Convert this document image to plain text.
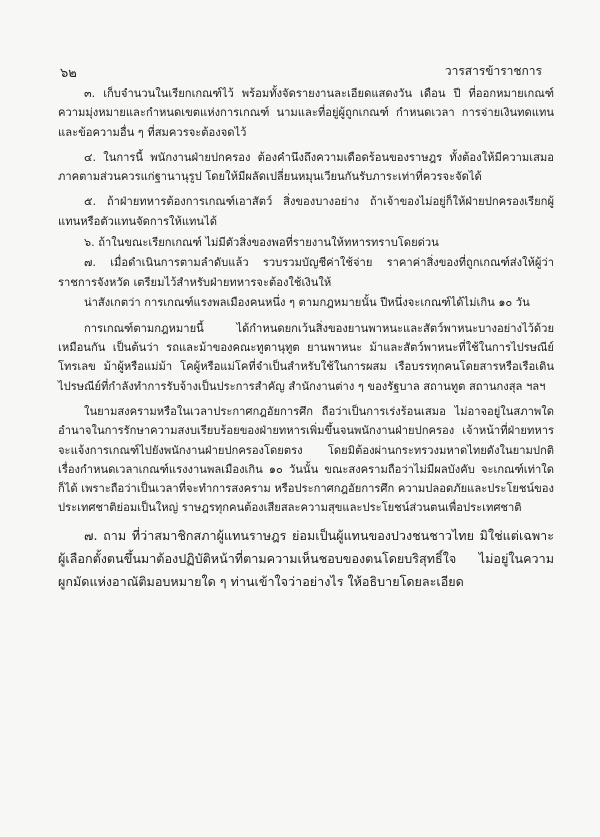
๖๒	วารสารข้าราชการ

๓. เก็บจำนวนในเรียกเกณฑ์ไว้ พร้อมทั้งจัดรายงานละเอียดแสดงวัน เดือน ปี ที่ออกหมายเกณฑ์ ความมุ่งหมายและกำหนดเขตแห่งการเกณฑ์ นามและที่อยู่ผู้ถูกเกณฑ์ กำหนดเวลา การจ่ายเงินทดแทนและข้อความอื่น ๆ ที่สมควรจะต้องจดไว้

๔. ในการนี้ พนักงานฝ่ายปกครอง ต้องคำนึงถึงความเดือดร้อนของราษฎร ทั้งต้องให้มีความเสมอภาคตามส่วนควรแก่ฐานานุรูป โดยให้มีผลัดเปลี่ยนหมุนเวียนกันรับภาระเท่าที่ควรจะจัดได้

๕. ถ้าฝ่ายทหารต้องการเกณฑ์เอาสัตว์ สิ่งของบางอย่าง ถ้าเจ้าของไม่อยู่ก็ให้ฝ่ายปกครองเรียกผู้แทนหรือตัวแทนจัดการให้แทนได้

๖. ถ้าในขณะเรียกเกณฑ์ ไม่มีตัวสิ่งของพอที่รายงานให้ทหารทราบโดยด่วน

๗. เมื่อดำเนินการตามลำดับแล้ว รวบรวมบัญชีค่าใช้จ่าย ราคาค่าสิ่งของที่ถูกเกณฑ์ส่งให้ผู้ว่าราชการจังหวัด เตรียมไว้สำหรับฝ่ายทหารจะต้องใช้เงินให้

น่าสังเกตว่า การเกณฑ์แรงพลเมืองคนหนึ่ง ๆ ตามกฎหมายนั้น ปีหนึ่งจะเกณฑ์ได้ไม่เกิน ๑๐ วัน

การเกณฑ์ตามกฎหมายนี้ ได้กำหนดยกเว้นสิ่งของยานพาหนะและสัตว์พาหนะบางอย่างไว้ด้วยเหมือนกัน เป็นต้นว่า รถและม้าของคณะทูตานุทูต ยานพาหนะ ม้าและสัตว์พาหนะที่ใช้ในการไปรษณีย์โทรเลข ม้าผู้หรือแม่ม้า โคผู้หรือแม่โคที่จำเป็นสำหรับใช้ในการผสม เรือบรรทุกคนโดยสารหรือเรือเดินไปรษณีย์ที่กำลังทำการรับจ้างเป็นประการสำคัญ สำนักงานต่าง ๆ ของรัฐบาล สถานทูต สถานกงสุล ฯลฯ

ในยามสงครามหรือในเวลาประกาศกฎอัยการศึก ถือว่าเป็นการเร่งร้อนเสมอ ไม่อาจอยู่ในสภาพใด อำนาจในการรักษาความสงบเรียบร้อยของฝ่ายทหารเพิ่มขึ้นจนพนักงานฝ่ายปกครอง เจ้าหน้าที่ฝ่ายทหารจะแจ้งการเกณฑ์ไปยังพนักงานฝ่ายปกครองโดยตรง โดยมิต้องผ่านกระทรวงมหาดไทยดังในยามปกติ เรื่องกำหนดเวลาเกณฑ์แรงงานพลเมืองเกิน ๑๐ วันนั้น ขณะสงครามถือว่าไม่มีผลบังคับ จะเกณฑ์เท่าใดก็ได้ เพราะถือว่าเป็นเวลาที่จะทำการสงคราม หรือประกาศกฎอัยการศึก ความปลอดภัยและประโยชน์ของประเทศชาติย่อมเป็นใหญ่ ราษฎรทุกคนต้องเสียสละความสุขและประโยชน์ส่วนตนเพื่อประเทศชาติ

๗. ถาม ที่ว่าสมาชิกสภาผู้แทนราษฎร ย่อมเป็นผู้แทนของปวงชนชาวไทย มิใช่แต่เฉพาะผู้เลือกตั้งตนขึ้นมาต้องปฏิบัติหน้าที่ตามความเห็นชอบของตนโดยบริสุทธิ์ใจ ไม่อยู่ในความผูกมัดแห่งอาณัติมอบหมายใด ๆ ท่านเข้าใจว่าอย่างไร ให้อธิบายโดยละเอียด
